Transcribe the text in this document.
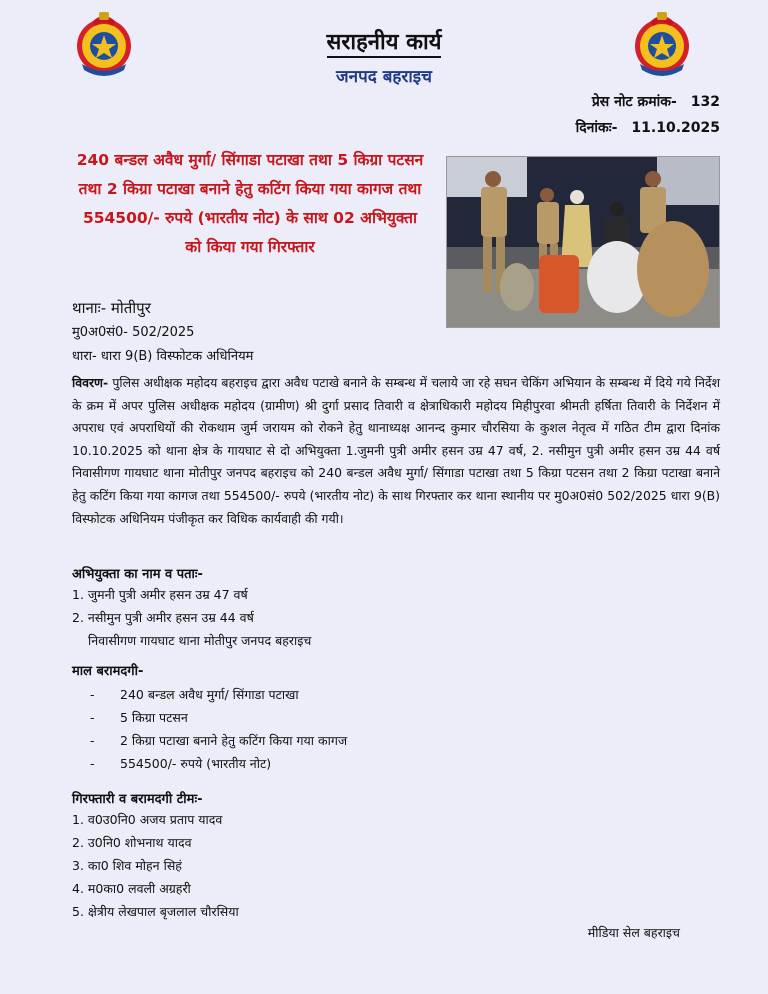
सराहनीय कार्य
जनपद बहराइच
प्रेस नोट क्रमांक- 132
दिनांकः- 11.10.2025
240 बन्डल अवैध मुर्गा/ सिंगाडा पटाखा तथा 5 किग्रा पटसन तथा 2 किग्रा पटाखा बनाने हेतु कटिंग किया गया कागज तथा 554500/- रुपये (भारतीय नोट) के साथ 02 अभियुक्ता को किया गया गिरफ्तार
थानाः- मोतीपुर
मु0अ0सं0- 502/2025
धारा- धारा 9(B) विस्फोटक अधिनियम
विवरण- पुलिस अधीक्षक महोदय बहराइच द्वारा अवैध पटाखे बनाने के सम्बन्ध में चलाये जा रहे सघन चेकिंग अभियान के सम्बन्ध में दिये गये निर्देश के क्रम में अपर पुलिस अधीक्षक महोदय (ग्रामीण) श्री दुर्गा प्रसाद तिवारी व क्षेत्राधिकारी महोदय मिहीपुरवा श्रीमती हर्षिता तिवारी के निर्देशन में अपराध एवं अपराधियों की रोकथाम जुर्म जरायम को रोकने हेतु थानाध्यक्ष आनन्द कुमार चौरसिया के कुशल नेतृत्व में गठित टीम द्वारा दिनांक 10.10.2025 को थाना क्षेत्र के गायघाट से दो अभियुक्ता 1.जुमनी पुत्री अमीर हसन उम्र 47 वर्ष, 2. नसीमुन पुत्री अमीर हसन उम्र 44 वर्ष निवासीगण गायघाट थाना मोतीपुर जनपद बहराइच को 240 बन्डल अवैध मुर्गा/ सिंगाडा पटाखा तथा 5 किग्रा पटसन तथा 2 किग्रा पटाखा बनाने हेतु कटिंग किया गया कागज तथा 554500/- रुपये (भारतीय नोट) के साथ गिरफ्तार कर थाना स्थानीय पर मु0अ0सं0 502/2025 धारा 9(B) विस्फोटक अधिनियम पंजीकृत कर विधिक कार्यवाही की गयी।
अभियुक्ता का नाम व पताः-
1. जुमनी पुत्री अमीर हसन उम्र 47 वर्ष
2. नसीमुन पुत्री अमीर हसन उम्र 44 वर्ष
निवासीगण गायघाट थाना मोतीपुर जनपद बहराइच
माल बरामदगी-
- 240 बन्डल अवैध मुर्गा/ सिंगाडा पटाखा
- 5 किग्रा पटसन
- 2 किग्रा पटाखा बनाने हेतु कटिंग किया गया कागज
- 554500/- रुपये (भारतीय नोट)
गिरफ्तारी व बरामदगी टीमः-
1. व0उ0नि0 अजय प्रताप यादव
2. उ0नि0 शोभनाथ यादव
3. का0 शिव मोहन सिहं
4. म0का0 लवली अग्रहरी
5. क्षेत्रीय लेखपाल बृजलाल चौरसिया
मीडिया सेल बहराइच
